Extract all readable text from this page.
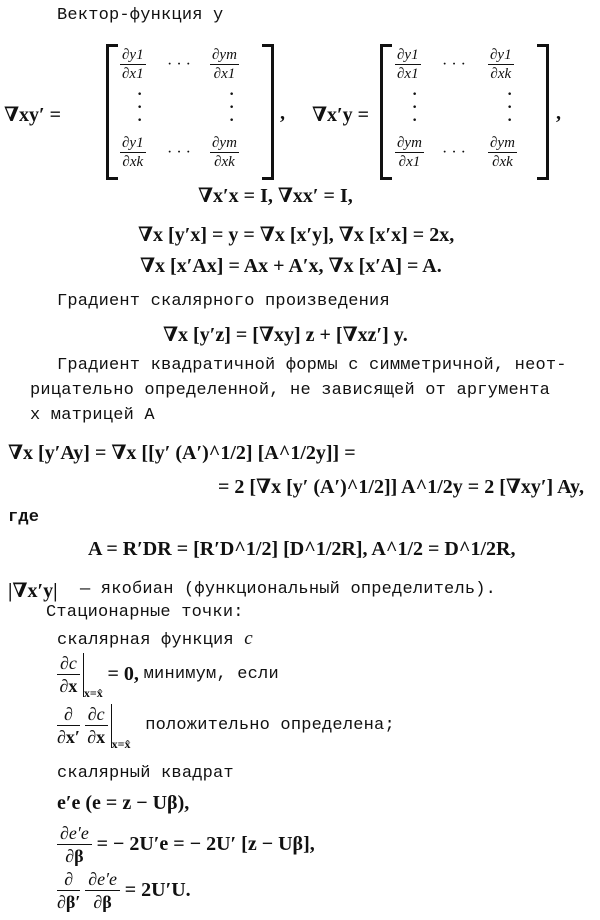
Вектор-функция y
∇xy′ =
$\frac{\partial y1}{\partial x1}$ · · · $\frac{\partial ym}{\partial x1}$
·
·
·
·
·
·
$\frac{\partial y1}{\partial xk}$ · · · $\frac{\partial ym}{\partial xk}$
, ∇x′y =
$\frac{\partial y1}{\partial x1}$ · · · $\frac{\partial y1}{\partial xk}$
·
·
·
·
·
·
$\frac{\partial ym}{\partial x1}$ · · · $\frac{\partial ym}{\partial xk}$
,
∇x′x = I, ∇xx′ = I,
∇x [y′x] = y = ∇x [x′y], ∇x [x′x] = 2x,
∇x [x′Ax] = Ax + A′x, ∇x [x′A] = A.
Градиент скалярного произведения
∇x [y′z] = [∇xy] z + [∇xz′] y.
Градиент квадратичной формы с симметричной, неот-
рицательно определенной, не зависящей от аргумента
x матрицей A
∇x [y′Ay] = ∇x [[y′ (A′)^1/2] [A^1/2y]] =
= 2 [∇x [y′ (A′)^1/2]] A^1/2y = 2 [∇xy′] Ay,
где
A = R′DR = [R′D^1/2] [D^1/2R], A^1/2 = D^1/2R,
|∇x′y| — якобиан (функциональный определитель).
Стационарные точки:
скалярная функция c
$\frac{\partial c}{\partial x} _{x=x̂} = 0$, минимум, если
$\frac{\partial}{\partial x'}$
$\frac{\partial c}{\partial x} _{x=x̂}$ положительно определена;
скалярный квадрат
e′e (e = z − Uβ),
$\frac{\partial e'e}{\partial\beta}$ = − 2U′e = − 2U′ [z − Uβ],
$\frac{\partial}{\partial\beta'}$
$\frac{\partial e'e}{\partial\beta} = 2U'U$.
